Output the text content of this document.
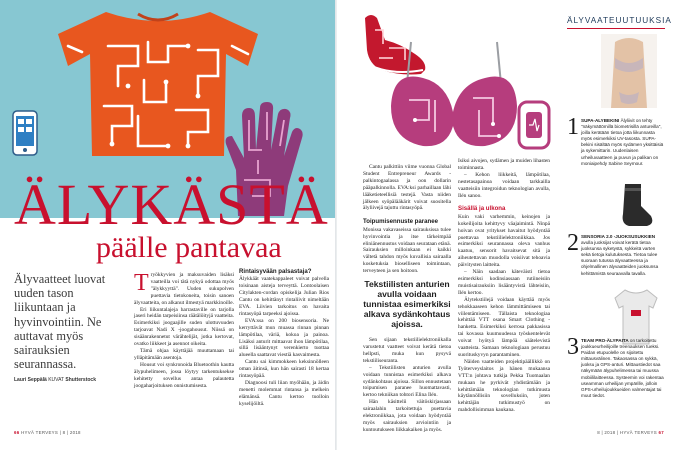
ÄLYKÄSTÄ
päälle pantavaa
Älyvaatteet luovat uuden tason liikuntaan ja hyvinvointiin. Ne auttavat myös sairauksien seurannassa.
Lauri Seppälä KUVAT Shutterstock
T ryökkyvien ja maksuvaiden lisäksi vaatteilla voi tätä nykyä odottaa myös "älykkyyttä". Uuden sukupolven puettavia tietokoneita, toisin sanoen älyvaatteita, on alkanut ilmestyä markkinoille.

Eri liikuntalajeja harrastaville on tarjolla jaseri heidän tarpeisiinsa räätälöityjä vaatteita. Esimerkiksi joogaajille suden ulottuvuuden tarjoavat Nadi X -joogahousut. Niissä on sisäänrakennetut värähtelijät, jotka kertovat, ovatko liikkeet ja asennot oikeita.

Tämä ohjaa käyttäjää muuttamaan tai ylläpitämään asentoja.

Housut voi synkronoida Bluetoothin kautta älypuhelimeen, jossa löytyy tarkentuksekse kehitetty sovellus antaa palautetta joogaharjoituksen onnistumisesta.

Rintaisyvään palsastaja?

Älykkäät vaatekappaleet voivat palvella toisinaan aisteja terveyttä. Lontoolaisen Citylakten-cordan opiskelija Julian Rios Cantu on kehittänyt rintaliivit nimeltään EVA. Liivien tarkoitus on havaita rintasyöpä tarpeeksi ajoissa.

EVA:ssa on 200 biosensoria. Ne kerryttävät mun muassa rinnan pinnan lämpötilaa, väriä, kokoa ja painoa. Lisäksi anturit mittaavat ihon lämpötilaa, sillä lisääntynyt verenkierto tuottaa alueella saattavat viestiä kasvaimesta.

Cantu sai kimmokkeen keksinnölleen oman äitinsä, kun hän sairasti 18 kertaa rintasyöpää.

Diagnoosi tuli liian myöhään, ja äidin menetti molemmat rintansa ja melkein elämänsä. Cantu kertoo tuolloin kyselijöiltä.

66 HYVÄ TERVEYS | 8 | 2018

Cantu palkittiin viime vuonna Global Student Entrepreneur Awards -palkintogaalassa ja oon dollarin pääpalkinnolla. EVA:ksi parhaillaan lähi lääketieteellisiä testejä. Vasta niiden jälkeen syöpälääkärit voivat suositella älyliivejä tajuttu rintasyöpä.

Toipumisennuste paranee

Monissa vakavaseissa sairauksissa tulee hyvinvointia ja itse tärkeimpää eliniänennustus voidaan seurataan etänä. Sairauksien milloinkaan ei kaikki vältetä tahdon myös kuvallisia sairaalla kosketuksia bioselliseen toimintaan, terveyteen ja sen hoitoon.

Tekstiilisten anturien avulla voidaan tunnistaa esimerkiksi alkava sydänkohtaus ajoissa.

Sen sijaan tekstiilielektroniikalla varustetut vaatteet voivat kerätä tietoa hellpsti, muka kun pysyvä tekstiiliseuranta.

– Tekstiilisten anturien avulla voidaan tunnistaa esimerkiksi alkava sydänkohtaus ajoissa. Sillon ennustetaan toipumisen paranee huomattavasti, kertoo tekniikan tohtori Elina Ilén.

Hän käsittelii väitöskirjassaan sairaalahin tarkoitettuja puettavia elektroniikkaa, jota voidaan hyödyntää myös sairauksien arviointiin ja kuntoutukseen liikkakaiken ja myös.

Isiksi aivojen, sydämen ja muiden lihasten toiminnasta.

– Kehon liikkeitä, lämpötilaa, nestetasapainoa voidaan tarkkailla vaatteisiin integroidun teknologian avulla, Ilén sanoo.

Sisällä ja ulkona

Kuin vaki varhemmin, keinojen ja kokeilijoita kehittyvy väajaimintä. Ninpä hoivan ovat yritykset havaitut hyödyntää puettavaa tekstiilielektroniikkaa. Jos esimerkiksi seurannassa oleva vanhus kaatuu, sensorit havaitsevat sitä ja aiheutettavan muodolla voisiivat tehoavia päivitysten laitteita.

– Näin saadaan käteväisti tietoa esimerkiksi kodinsiassaan rutiineisiin muistisairauksiin lisääntyvistä lähteisiin, Ilén kertoo.

Älytekstiilejä voidaan käyttää myös tehokkaaseen kehon lämmittämiseen tai viilentämiseen. Tällaista teknologiaa kehittää VTT osana Smart Clothing -hanketta. Esimerkiksi kerrosa pakkasissa tai kovassa kuumuudessa työskentelevät voivat hyötyä lämpöä säätelevistä vaatteista. Samaan teknologiaan perustuu suorituskyvyn parantaminen.

Näiden vaatteiden projektipäällikkö on Työterveyslaitos ja hänen mukaansa VTT:n johtava tutkija Pekka Tuomaalan mukaan he pyrkivät yhdistämään ja kehittämään teknologian tutkimusta käytännöllisiin sovelluksiin, joten kehittäjän tutkimustyö on mahdollisimman kaukana.

ÄLYVAATEUUTUUKSIA
1 SUPA-ALYBEKINI Älyliivit on tehty "näkymättömillä biometrisillä antureilla", joilla kerätään tietoa jotta liikunnasta myös esimerkiksi UV-tasosta. SUPA-bekini sisältää myös sydämen yksittäisiä ja sykemittarin. Uudenlaisen urheiluvaatteen ja puvun ja palikan on moniaipehdy Sabine Seymour.
2 SENSORIA 2.0 -JUOKSUSUKKIEN avulla juoksijat voivat kerätä tietoa juoksunsa syketystä, sykkeitä varten sekä tietoja kulutuksesta. Tietoa tulee suoraan tutussa älyvaatteessa ja ohjelmallinen älyvaatteiden juoksunsa kehittämistä seuraavalla tavalla.
3 TEAM PRO-ÄLYPAITA on tarkoitettu joukkueurheilijoille treenauksen tueksi. Paidan etupuolelle on sijoitettu mittausvälinen. Takaosassa on sykkä, juoksu ja GPS-anturi. Mittaustiedot saa näkymään älypuhelimessa tai muussa mobiililaitteessa. Systeemin voi rakentaa useamman urheilijan ympärille, jolloin GPS-urheilujoukkueiden valmentajat tai muut tiedot.
8 | 2018 | HYVÄ TERVEYS 67
